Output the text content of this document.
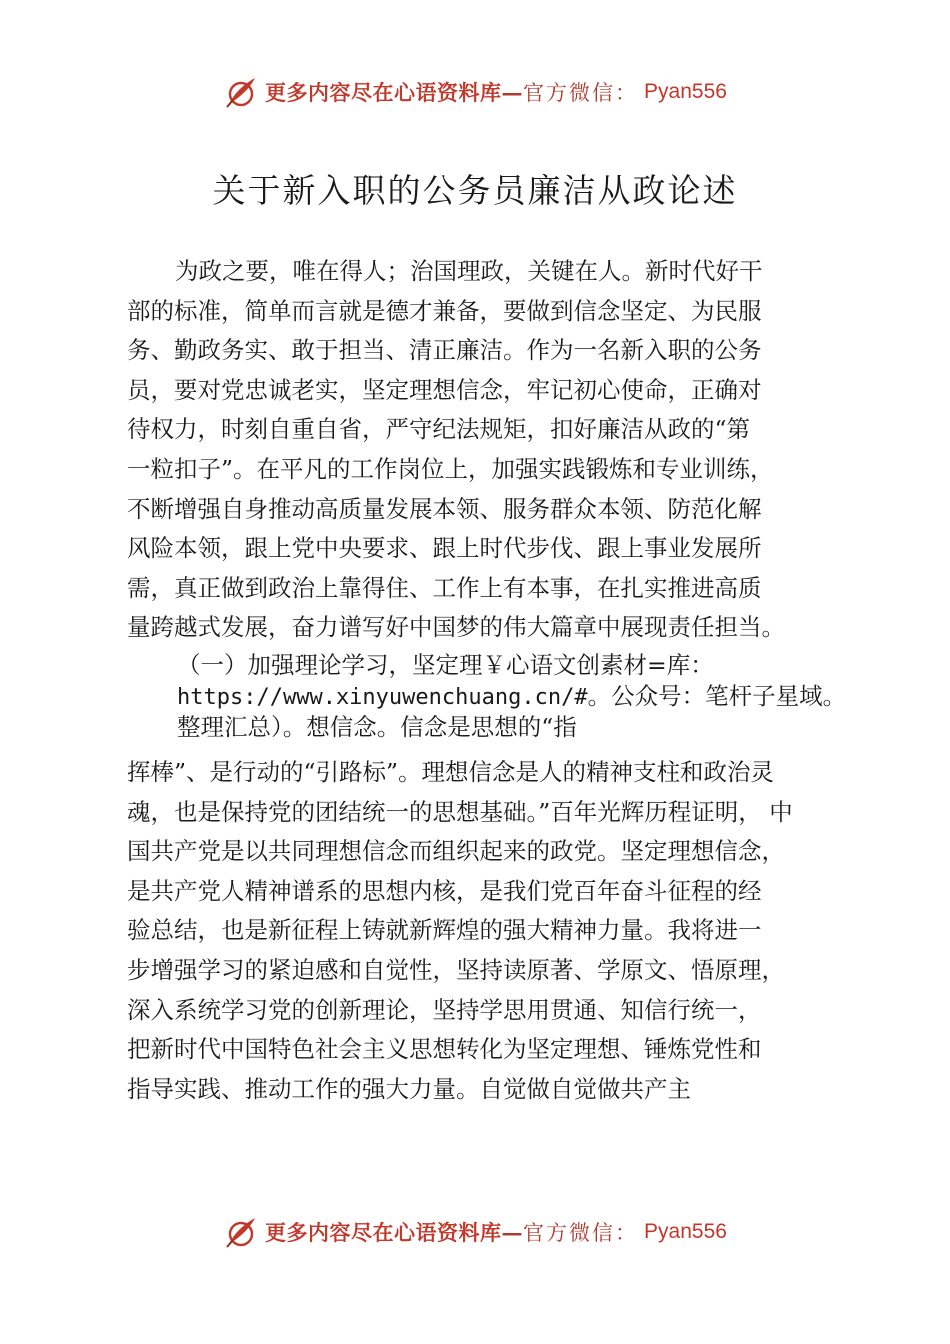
更多内容尽在心语资料库 — 官方微信： Pyan556
关于新入职的公务员廉洁从政论述
为政之要，唯在得人；治国理政，关键在人。新时代好干
部的标准，简单而言就是德才兼备，要做到信念坚定、为民服
务、勤政务实、敢于担当、清正廉洁。作为一名新入职的公务
员，要对党忠诚老实，坚定理想信念，牢记初心使命，正确对
待权力，时刻自重自省，严守纪法规矩，扣好廉洁从政的“第
一粒扣子”。在平凡的工作岗位上，加强实践锻炼和专业训练，
不断增强自身推动高质量发展本领、服务群众本领、防范化解
风险本领，跟上党中央要求、跟上时代步伐、跟上事业发展所
需，真正做到政治上靠得住、工作上有本事，在扎实推进高质
量跨越式发展，奋力谱写好中国梦的伟大篇章中展现责任担当。
（一）加强理论学习，坚定理￥心语文创素材=库：
https://www.xinyuwenchuang.cn/#。公众号：笔杆子星域。
整理汇总）。想信念。信念是思想的“指
挥棒”、是行动的“引路标”。理想信念是人的精神支柱和政治灵
魂，也是保持党的团结统一的思想基础。”百年光辉历程证明， 中
国共产党是以共同理想信念而组织起来的政党。坚定理想信念，
是共产党人精神谱系的思想内核，是我们党百年奋斗征程的经
验总结，也是新征程上铸就新辉煌的强大精神力量。我将进一
步增强学习的紧迫感和自觉性，坚持读原著、学原文、悟原理，
深入系统学习党的创新理论，坚持学思用贯通、知信行统一，
把新时代中国特色社会主义思想转化为坚定理想、锤炼党性和
指导实践、推动工作的强大力量。自觉做自觉做共产主
更多内容尽在心语资料库 — 官方微信： Pyan556
